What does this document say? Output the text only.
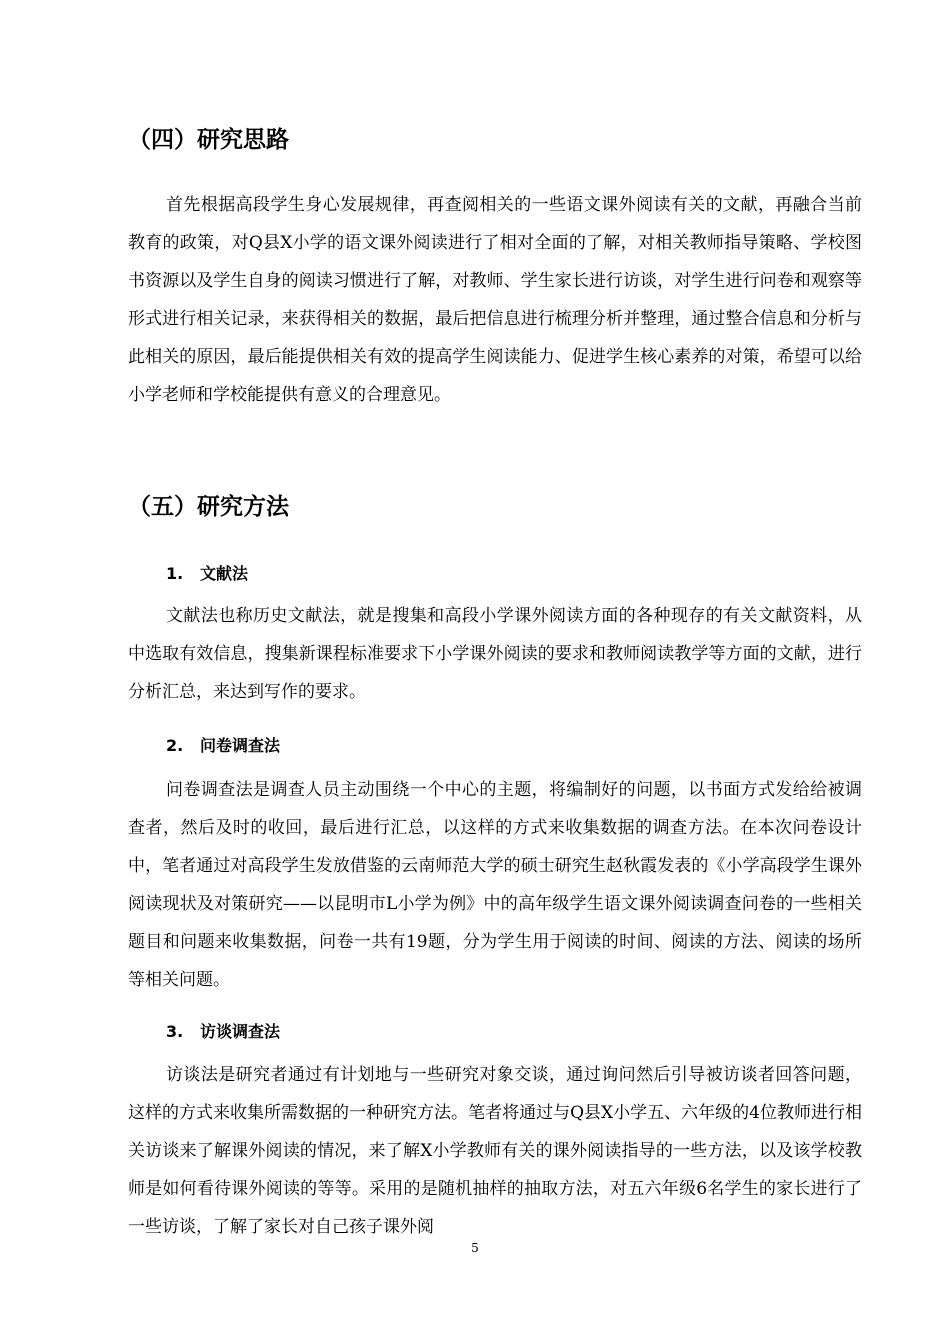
（四）研究思路

首先根据高段学生身心发展规律，再查阅相关的一些语文课外阅读有关的文献，再融合当前教育的政策，对Q县X小学的语文课外阅读进行了相对全面的了解，对相关教师指导策略、学校图书资源以及学生自身的阅读习惯进行了解，对教师、学生家长进行访谈，对学生进行问卷和观察等形式进行相关记录，来获得相关的数据，最后把信息进行梳理分析并整理，通过整合信息和分析与此相关的原因，最后能提供相关有效的提高学生阅读能力、促进学生核心素养的对策，希望可以给小学老师和学校能提供有意义的合理意见。

（五）研究方法
1. 文献法

文献法也称历史文献法，就是搜集和高段小学课外阅读方面的各种现存的有关文献资料，从中选取有效信息，搜集新课程标准要求下小学课外阅读的要求和教师阅读教学等方面的文献，进行分析汇总，来达到写作的要求。

2. 问卷调查法

问卷调查法是调查人员主动围绕一个中心的主题，将编制好的问题，以书面方式发给给被调查者，然后及时的收回，最后进行汇总，以这样的方式来收集数据的调查方法。在本次问卷设计中，笔者通过对高段学生发放借鉴的云南师范大学的硕士研究生赵秋霞发表的《小学高段学生课外阅读现状及对策研究——以昆明市L小学为例》中的高年级学生语文课外阅读调查问卷的一些相关题目和问题来收集数据，问卷一共有19题，分为学生用于阅读的时间、阅读的方法、阅读的场所等相关问题。

3. 访谈调查法

访谈法是研究者通过有计划地与一些研究对象交谈，通过询问然后引导被访谈者回答问题，这样的方式来收集所需数据的一种研究方法。笔者将通过与Q县X小学五、六年级的4位教师进行相关访谈来了解课外阅读的情况，来了解X小学教师有关的课外阅读指导的一些方法，以及该学校教师是如何看待课外阅读的等等。采用的是随机抽样的抽取方法，对五六年级6名学生的家长进行了一些访谈，了解了家长对自己孩子课外阅

5
